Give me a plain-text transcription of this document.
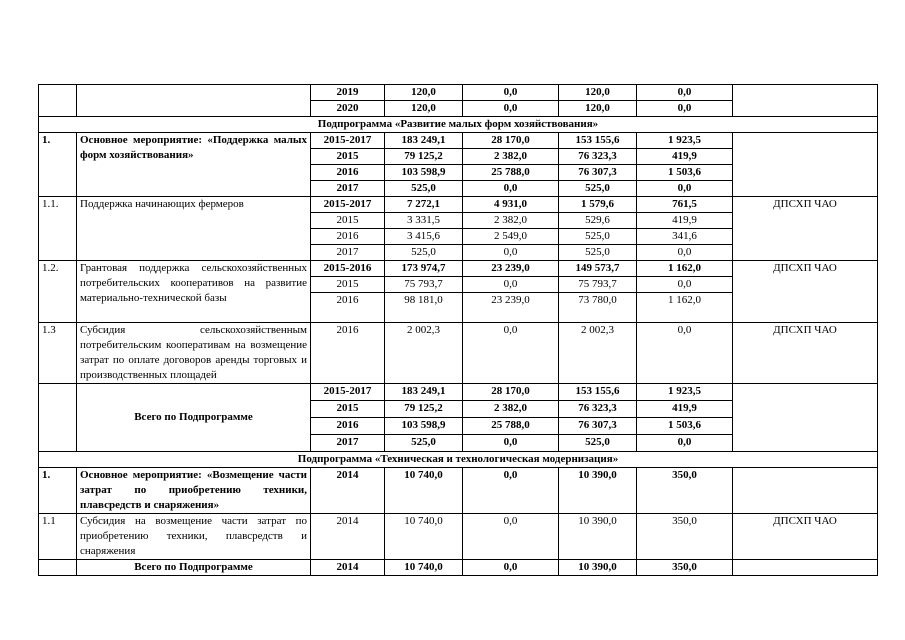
		2019	120,0	0,0	120,0	0,0	
		2020	120,0	0,0	120,0	0,0	
Подпрограмма «Развитие малых форм хозяйствования»							
1.	Основное мероприятие: «Поддержка малых форм хозяйствования»	2015-2017	183 249,1	28 170,0	153 155,6	1 923,5	
		2015	79 125,2	2 382,0	76 323,3	419,9	
		2016	103 598,9	25 788,0	76 307,3	1 503,6	
		2017	525,0	0,0	525,0	0,0	
1.1.	Поддержка начинающих фермеров	2015-2017	7 272,1	4 931,0	1 579,6	761,5	ДПСХП ЧАО
		2015	3 331,5	2 382,0	529,6	419,9	
		2016	3 415,6	2 549,0	525,0	341,6	
		2017	525,0	0,0	525,0	0,0	
1.2.	Грантовая поддержка сельскохозяйственных потребительских кооперативов на развитие материально-технической базы	2015-2016	173 974,7	23 239,0	149 573,7	1 162,0	ДПСХП ЧАО
		2015	75 793,7	0,0	75 793,7	0,0	
		2016	98 181,0	23 239,0	73 780,0	1 162,0	
1.3	Субсидия сельскохозяйственным потребительским кооперативам на возмещение затрат по оплате договоров аренды торговых и производственных площадей	2016	2 002,3	0,0	2 002,3	0,0	ДПСХП ЧАО
	Всего по Подпрограмме	2015-2017	183 249,1	28 170,0	153 155,6	1 923,5	
		2015	79 125,2	2 382,0	76 323,3	419,9	
		2016	103 598,9	25 788,0	76 307,3	1 503,6	
		2017	525,0	0,0	525,0	0,0	
Подпрограмма «Техническая и технологическая модернизация»							
1.	Основное мероприятие: «Возмещение части затрат по приобретению техники, плавсредств и снаряжения»	2014	10 740,0	0,0	10 390,0	350,0	
1.1	Субсидия на возмещение части затрат по приобретению техники, плавсредств и снаряжения	2014	10 740,0	0,0	10 390,0	350,0	ДПСХП ЧАО
	Всего по Подпрограмме	2014	10 740,0	0,0	10 390,0	350,0	
